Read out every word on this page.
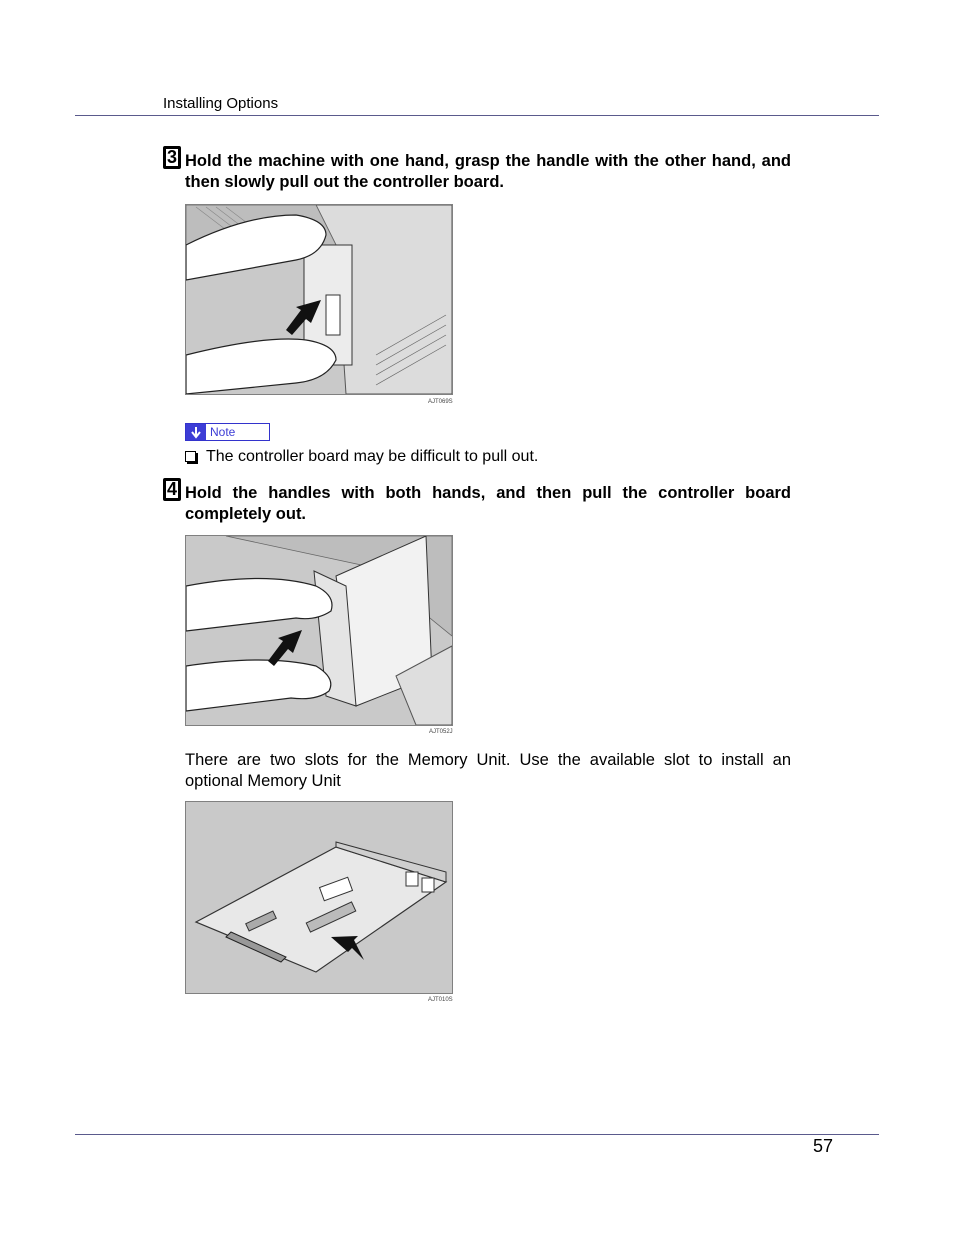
Installing Options
3 Hold the machine with one hand, grasp the handle with the other hand, and then slowly pull out the controller board.
AJT069S
Note
The controller board may be difficult to pull out.
4 Hold the handles with both hands, and then pull the controller board completely out.
AJT052J
There are two slots for the Memory Unit. Use the available slot to install an optional Memory Unit
AJT010S
57
